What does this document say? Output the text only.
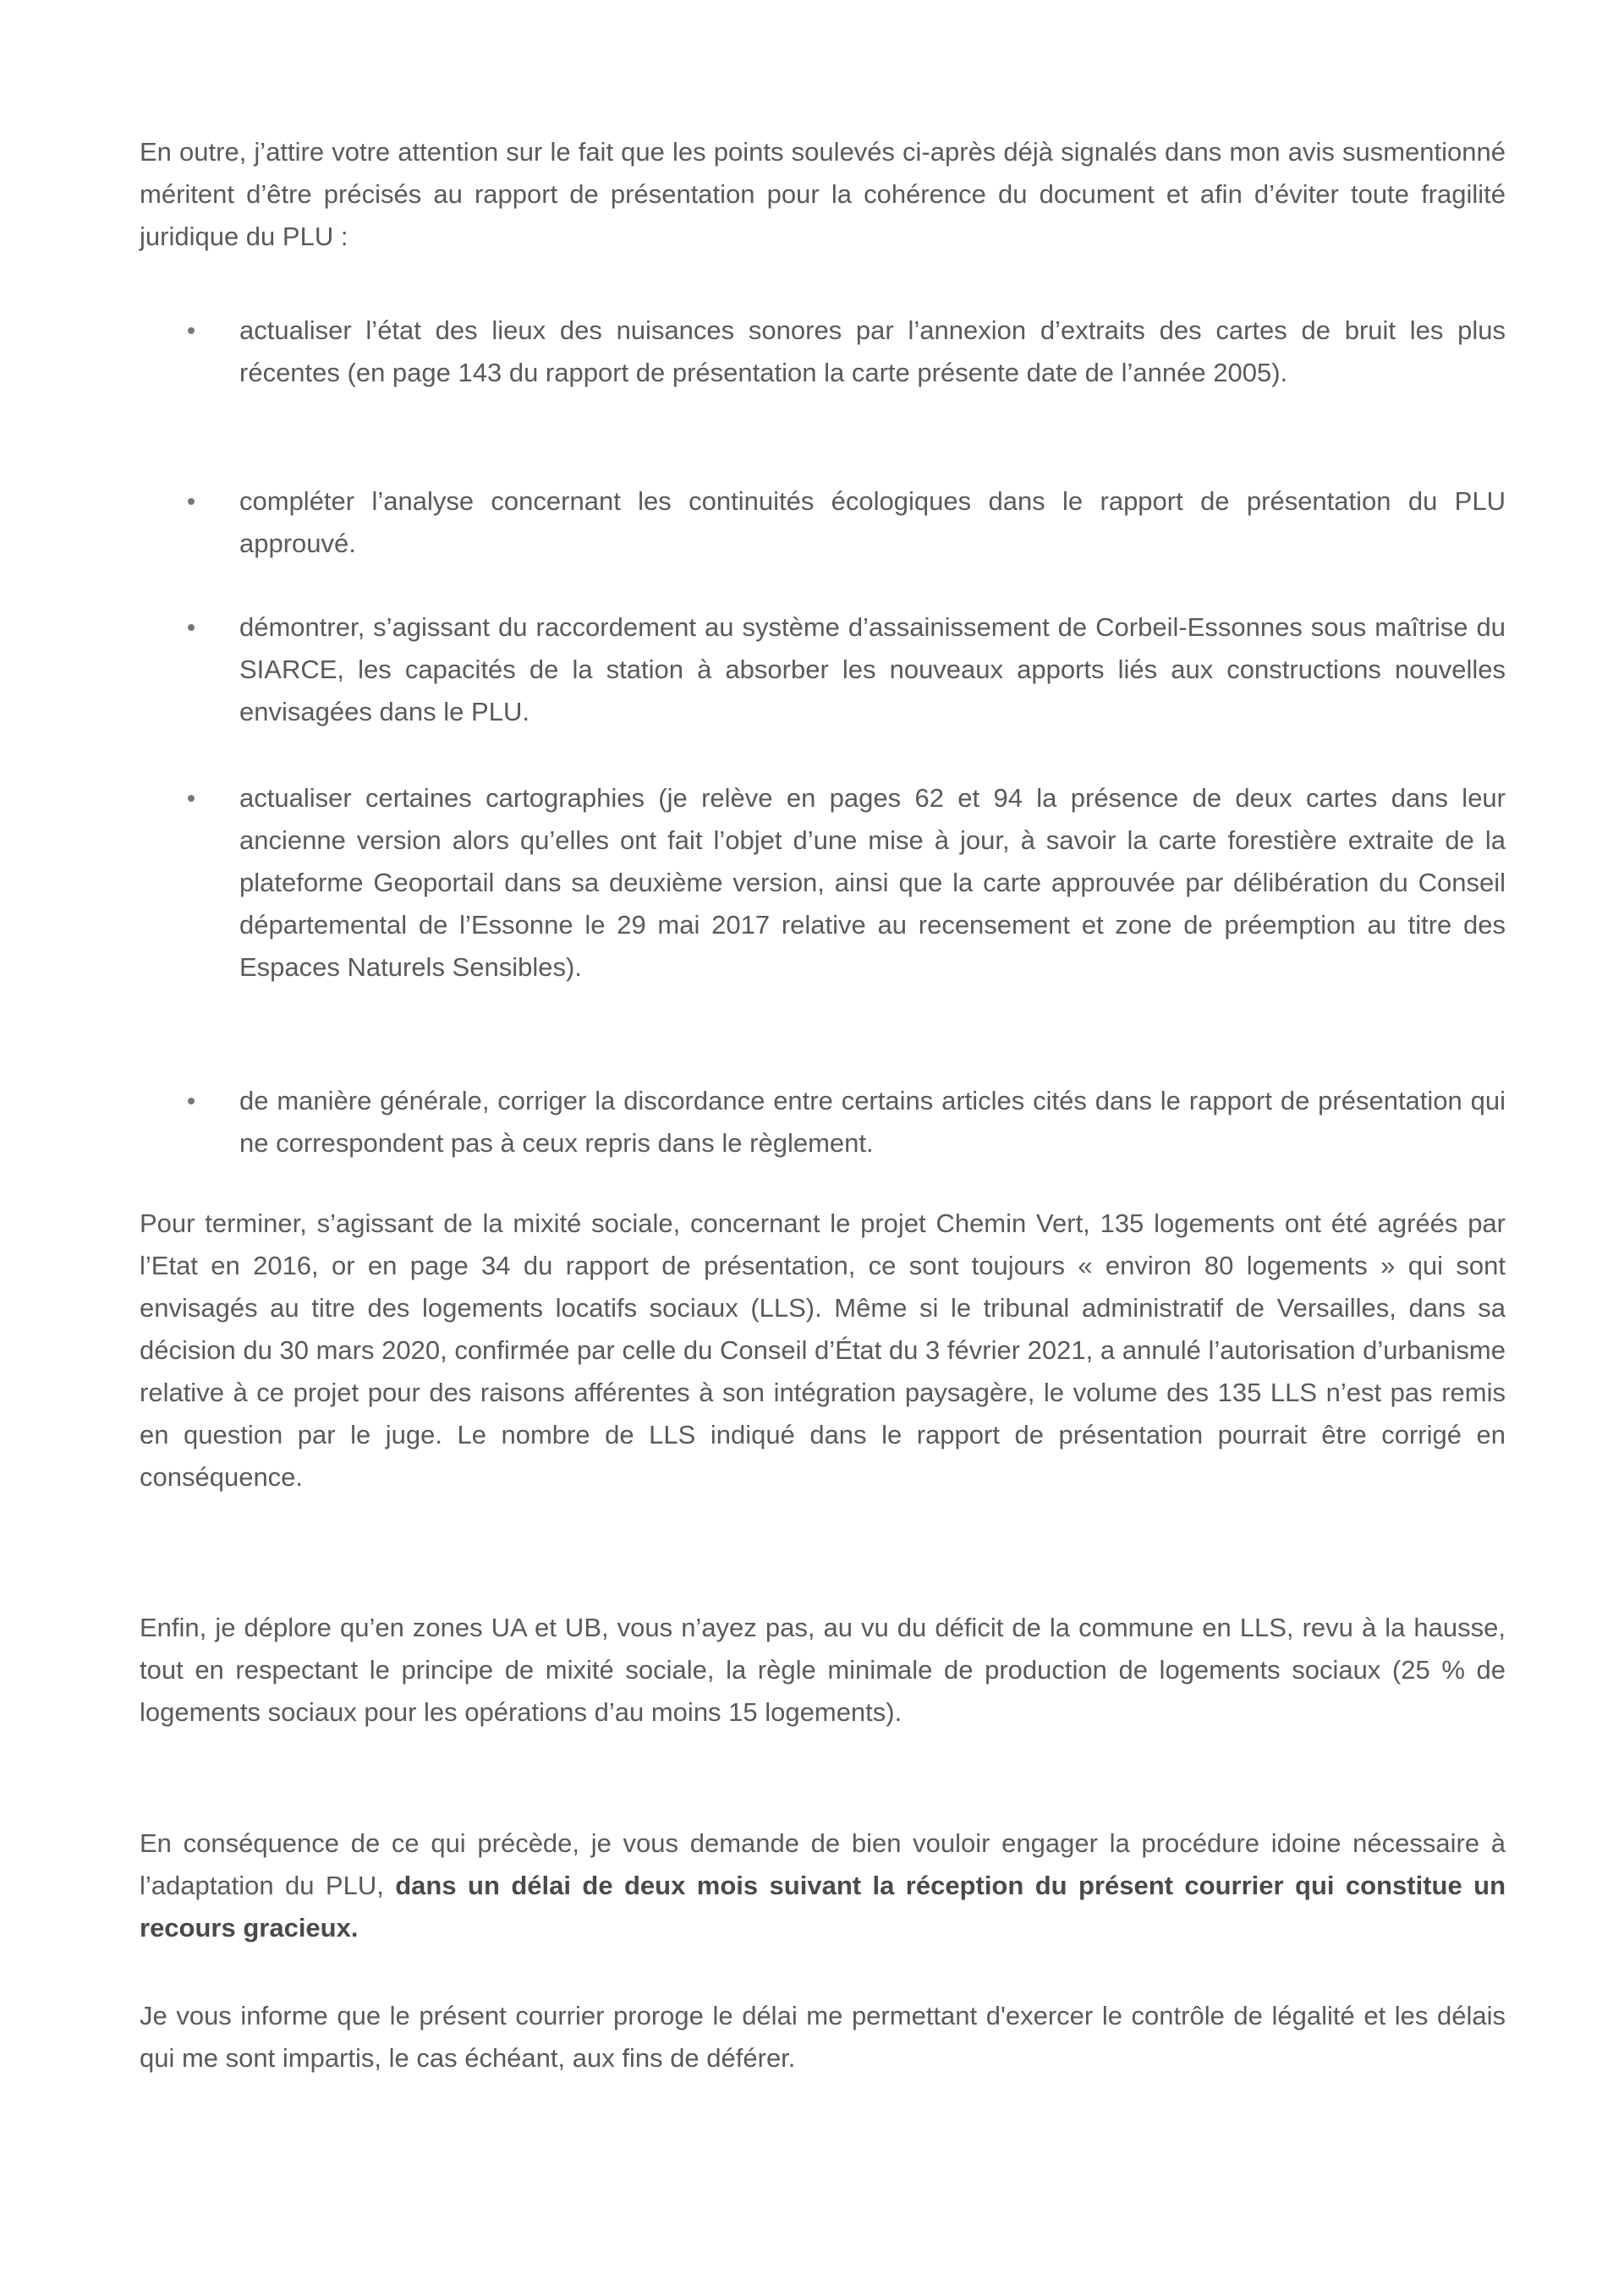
En outre, j’attire votre attention sur le fait que les points soulevés ci-après déjà signalés dans mon avis susmentionné méritent d’être précisés au rapport de présentation pour la cohérence du document et afin d’éviter toute fragilité juridique du PLU :

actualiser l’état des lieux des nuisances sonores par l’annexion d’extraits des cartes de bruit les plus récentes (en page 143 du rapport de présentation la carte présente date de l’année 2005).

compléter l’analyse concernant les continuités écologiques dans le rapport de présentation du PLU approuvé.

démontrer, s’agissant du raccordement au système d’assainissement de Corbeil-Essonnes sous maîtrise du SIARCE, les capacités de la station à absorber les nouveaux apports liés aux constructions nouvelles envisagées dans le PLU.

actualiser certaines cartographies (je relève en pages 62 et 94 la présence de deux cartes dans leur ancienne version alors qu’elles ont fait l’objet d’une mise à jour, à savoir la carte forestière extraite de la plateforme Geoportail dans sa deuxième version, ainsi que la carte approuvée par délibération du Conseil départemental de l’Essonne le 29 mai 2017 relative au recensement et zone de préemption au titre des Espaces Naturels Sensibles).

de manière générale, corriger la discordance entre certains articles cités dans le rapport de présentation qui ne correspondent pas à ceux repris dans le règlement.

Pour terminer, s’agissant de la mixité sociale, concernant le projet Chemin Vert, 135 logements ont été agréés par l’Etat en 2016, or en page 34 du rapport de présentation, ce sont toujours « environ 80 logements » qui sont envisagés au titre des logements locatifs sociaux (LLS). Même si le tribunal administratif de Versailles, dans sa décision du 30 mars 2020, confirmée par celle du Conseil d’État du 3 février 2021, a annulé l’autorisation d’urbanisme relative à ce projet pour des raisons afférentes à son intégration paysagère, le volume des 135 LLS n’est pas remis en question par le juge. Le nombre de LLS indiqué dans le rapport de présentation pourrait être corrigé en conséquence.

Enfin, je déplore qu’en zones UA et UB, vous n’ayez pas, au vu du déficit de la commune en LLS, revu à la hausse, tout en respectant le principe de mixité sociale, la règle minimale de production de logements sociaux (25 % de logements sociaux pour les opérations d’au moins 15 logements).

En conséquence de ce qui précède, je vous demande de bien vouloir engager la procédure idoine nécessaire à l’adaptation du PLU, dans un délai de deux mois suivant la réception du présent courrier qui constitue un recours gracieux.

Je vous informe que le présent courrier proroge le délai me permettant d'exercer le contrôle de légalité et les délais qui me sont impartis, le cas échéant, aux fins de déférer.
